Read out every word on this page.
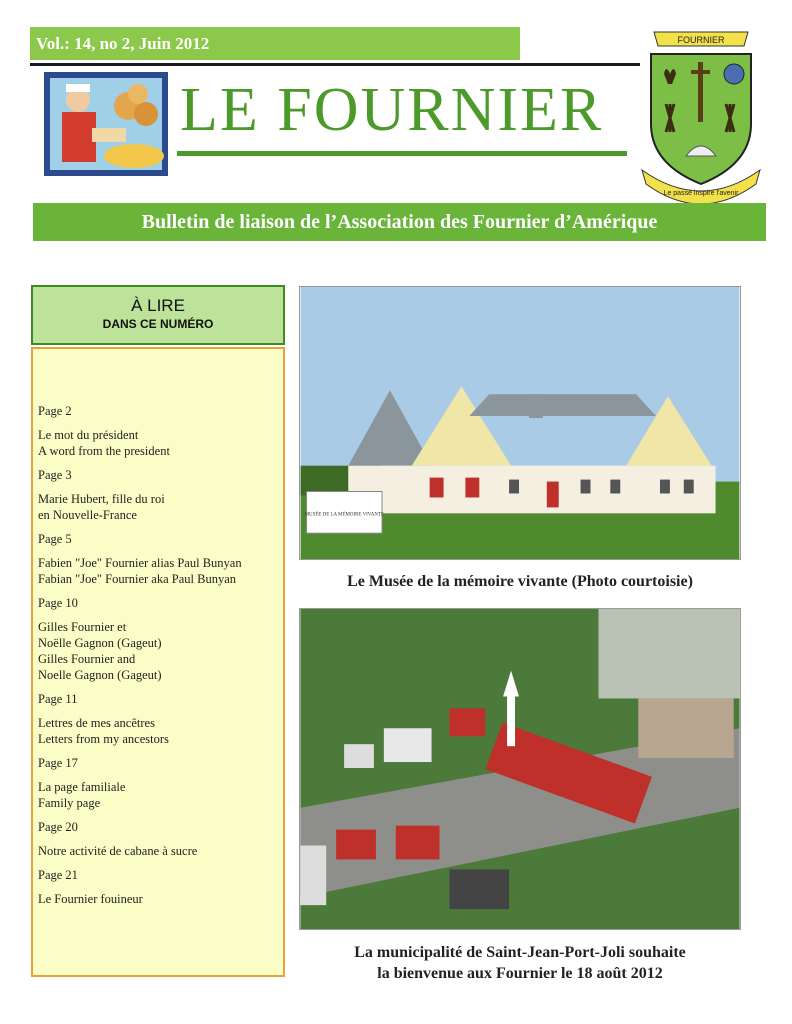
Vol.: 14, no 2, Juin 2012
LE FOURNIER
FOURNIER
Le passé inspire l'avenir
Bulletin de liaison de l’Association des Fournier d’Amérique
À LIRE
DANS CE NUMÉRO
Page 2
Le mot du président
A word from the president
Page 3
Marie Hubert, fille du roi
en Nouvelle-France
Page 5
Fabien "Joe" Fournier alias Paul Bunyan
Fabian "Joe" Fournier aka Paul Bunyan
Page 10
Gilles Fournier et
Noëlle Gagnon (Gageut)
Gilles Fournier and
Noelle Gagnon (Gageut)
Page 11
Lettres de mes ancêtres
Letters from my ancestors
Page 17
La page familiale
Family page
Page 20
Notre activité de cabane à sucre
Page 21
Le Fournier fouineur
MUSÉE DE LA MÉMOIRE VIVANTE
Le Musée de la mémoire vivante (Photo courtoisie)
La municipalité de Saint-Jean-Port-Joli souhaite
la bienvenue aux Fournier le 18 août 2012
